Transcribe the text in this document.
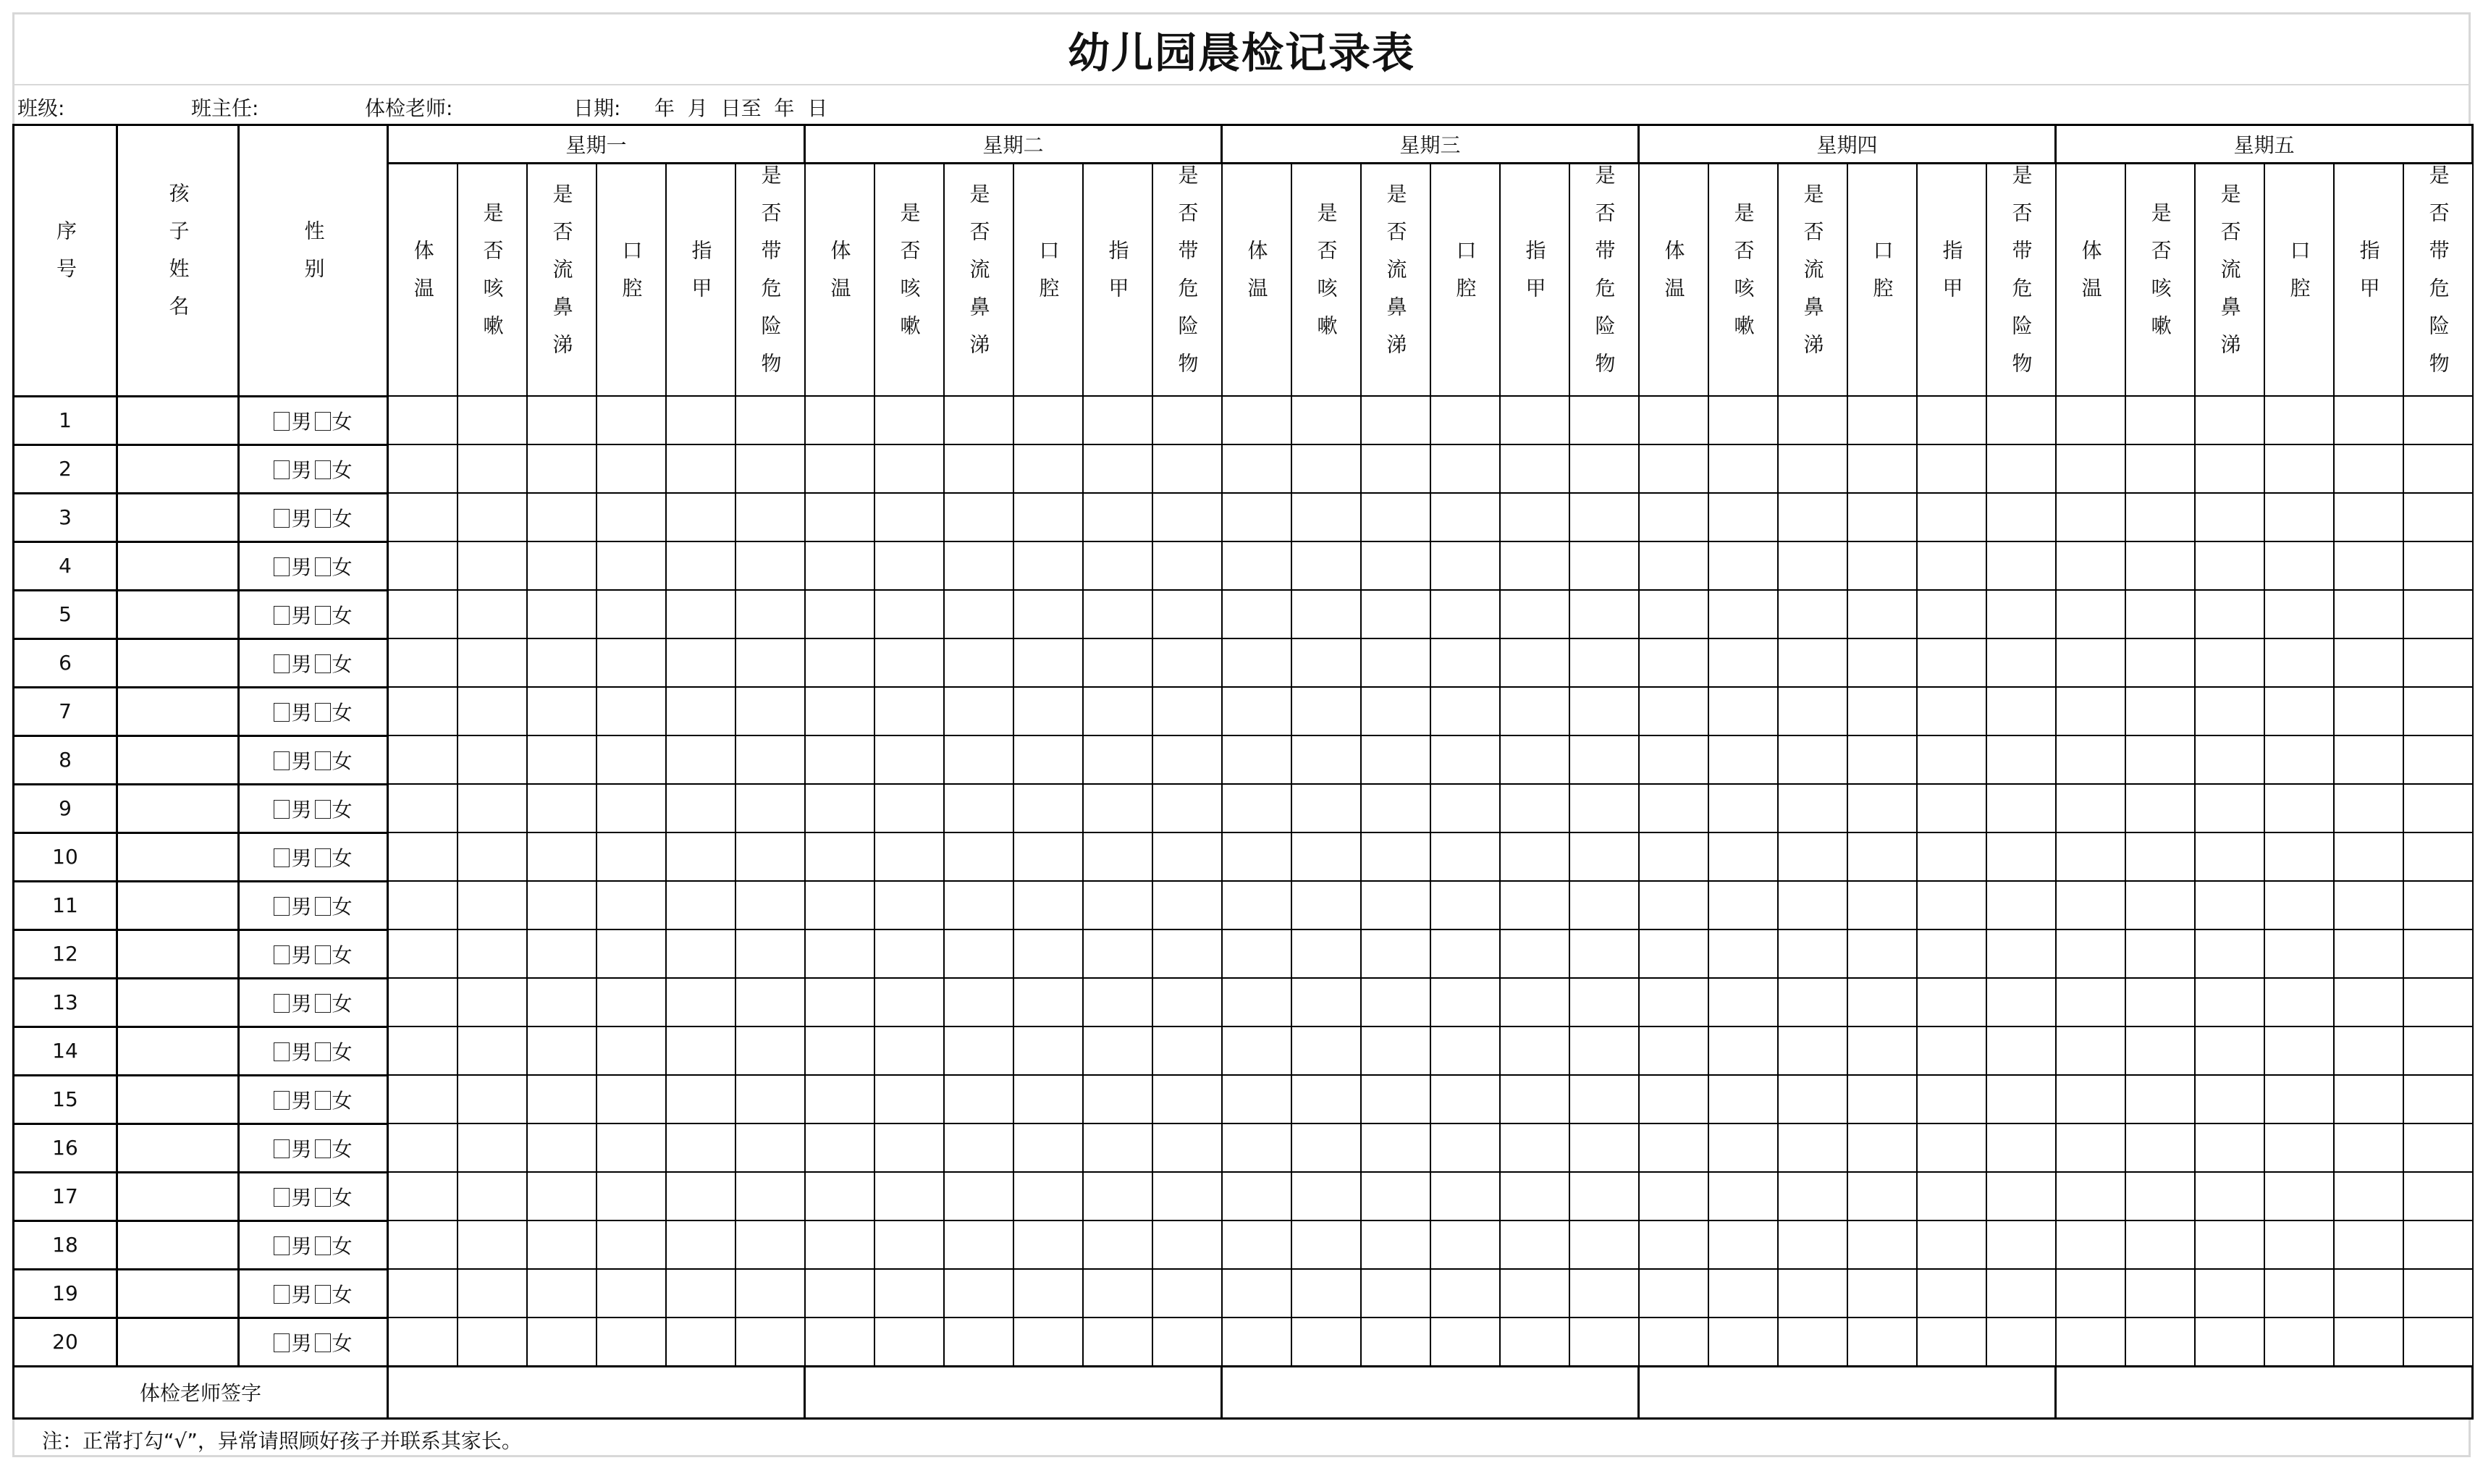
幼儿园晨检记录表
班级:	班主任:	体检老师:	日期: 年  月  日至  年  日
序号	孩子姓名	性别	星期一						星期二						星期三						星期四						星期五					
			体温	是否咳嗽	是否流鼻涕	口腔	指甲	是否带危险物	体温	是否咳嗽	是否流鼻涕	口腔	指甲	是否带危险物	体温	是否咳嗽	是否流鼻涕	口腔	指甲	是否带危险物	体温	是否咳嗽	是否流鼻涕	口腔	指甲	是否带危险物	体温	是否咳嗽	是否流鼻涕	口腔	指甲	是否带危险物
1		男 女																														
2		男 女																														
3		男 女																														
4		男 女																														
5		男 女																														
6		男 女																														
7		男 女																														
8		男 女																														
9		男 女																														
10		男 女																														
11		男 女																														
12		男 女																														
13		男 女																														
14		男 女																														
15		男 女																														
16		男 女																														
17		男 女																														
18		男 女																														
19		男 女																														
20		男 女																														
体检老师签字																																
注：正常打勾“√”，异常请照顾好孩子并联系其家长。
